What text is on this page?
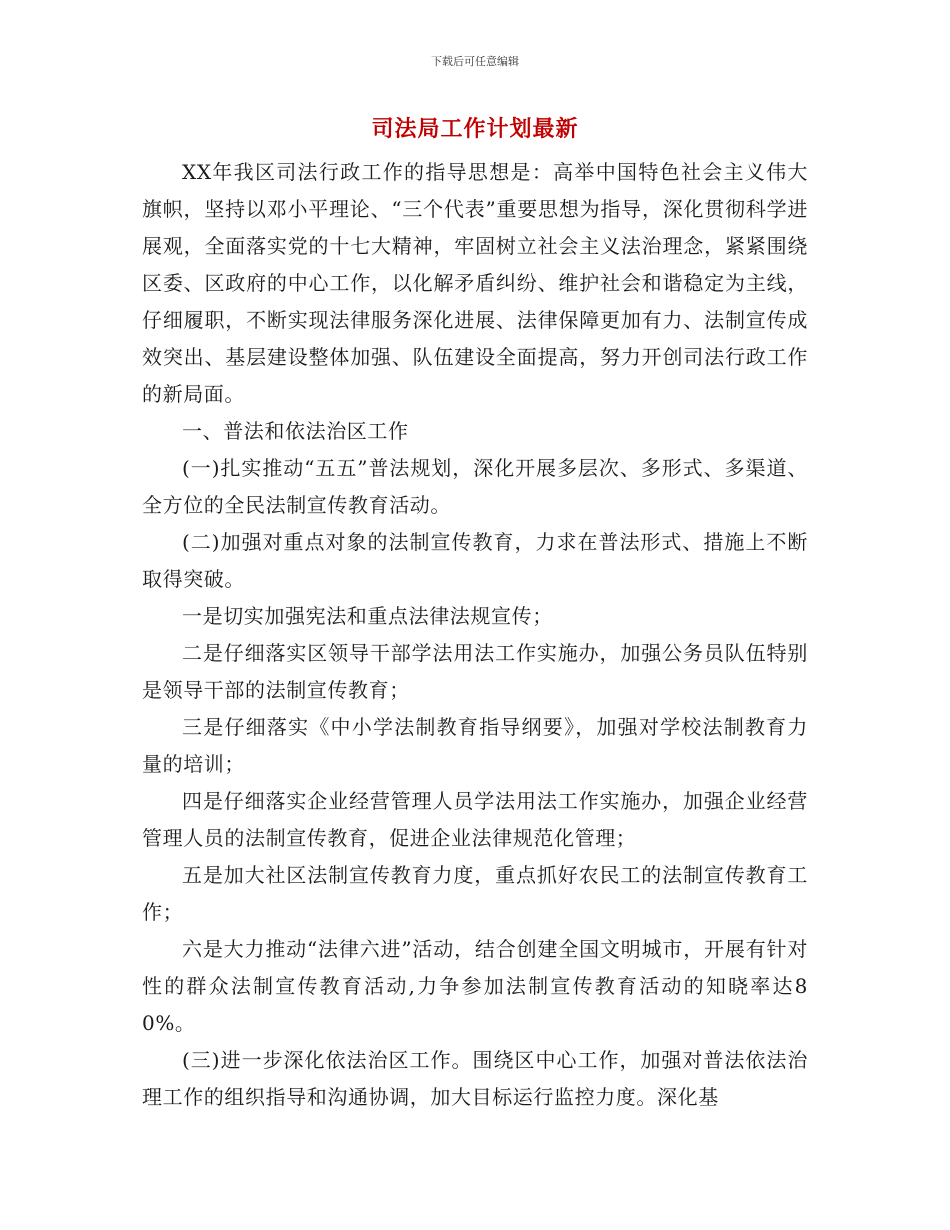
下载后可任意编辑
司法局工作计划最新

XX年我区司法行政工作的指导思想是：高举中国特色社会主义伟大旗帜，坚持以邓小平理论、“三个代表”重要思想为指导，深化贯彻科学进展观，全面落实党的十七大精神，牢固树立社会主义法治理念，紧紧围绕区委、区政府的中心工作，以化解矛盾纠纷、维护社会和谐稳定为主线，仔细履职，不断实现法律服务深化进展、法律保障更加有力、法制宣传成效突出、基层建设整体加强、队伍建设全面提高，努力开创司法行政工作的新局面。

一、普法和依法治区工作

(一)扎实推动“五五”普法规划，深化开展多层次、多形式、多渠道、全方位的全民法制宣传教育活动。

(二)加强对重点对象的法制宣传教育，力求在普法形式、措施上不断取得突破。

一是切实加强宪法和重点法律法规宣传；

二是仔细落实区领导干部学法用法工作实施办，加强公务员队伍特别是领导干部的法制宣传教育；

三是仔细落实《中小学法制教育指导纲要》，加强对学校法制教育力量的培训；

四是仔细落实企业经营管理人员学法用法工作实施办，加强企业经营管理人员的法制宣传教育，促进企业法律规范化管理；

五是加大社区法制宣传教育力度，重点抓好农民工的法制宣传教育工作；

六是大力推动“法律六进”活动，结合创建全国文明城市，开展有针对性的群众法制宣传教育活动,力争参加法制宣传教育活动的知晓率达80%。

(三)进一步深化依法治区工作。围绕区中心工作，加强对普法依法治理工作的组织指导和沟通协调，加大目标运行监控力度。深化基
